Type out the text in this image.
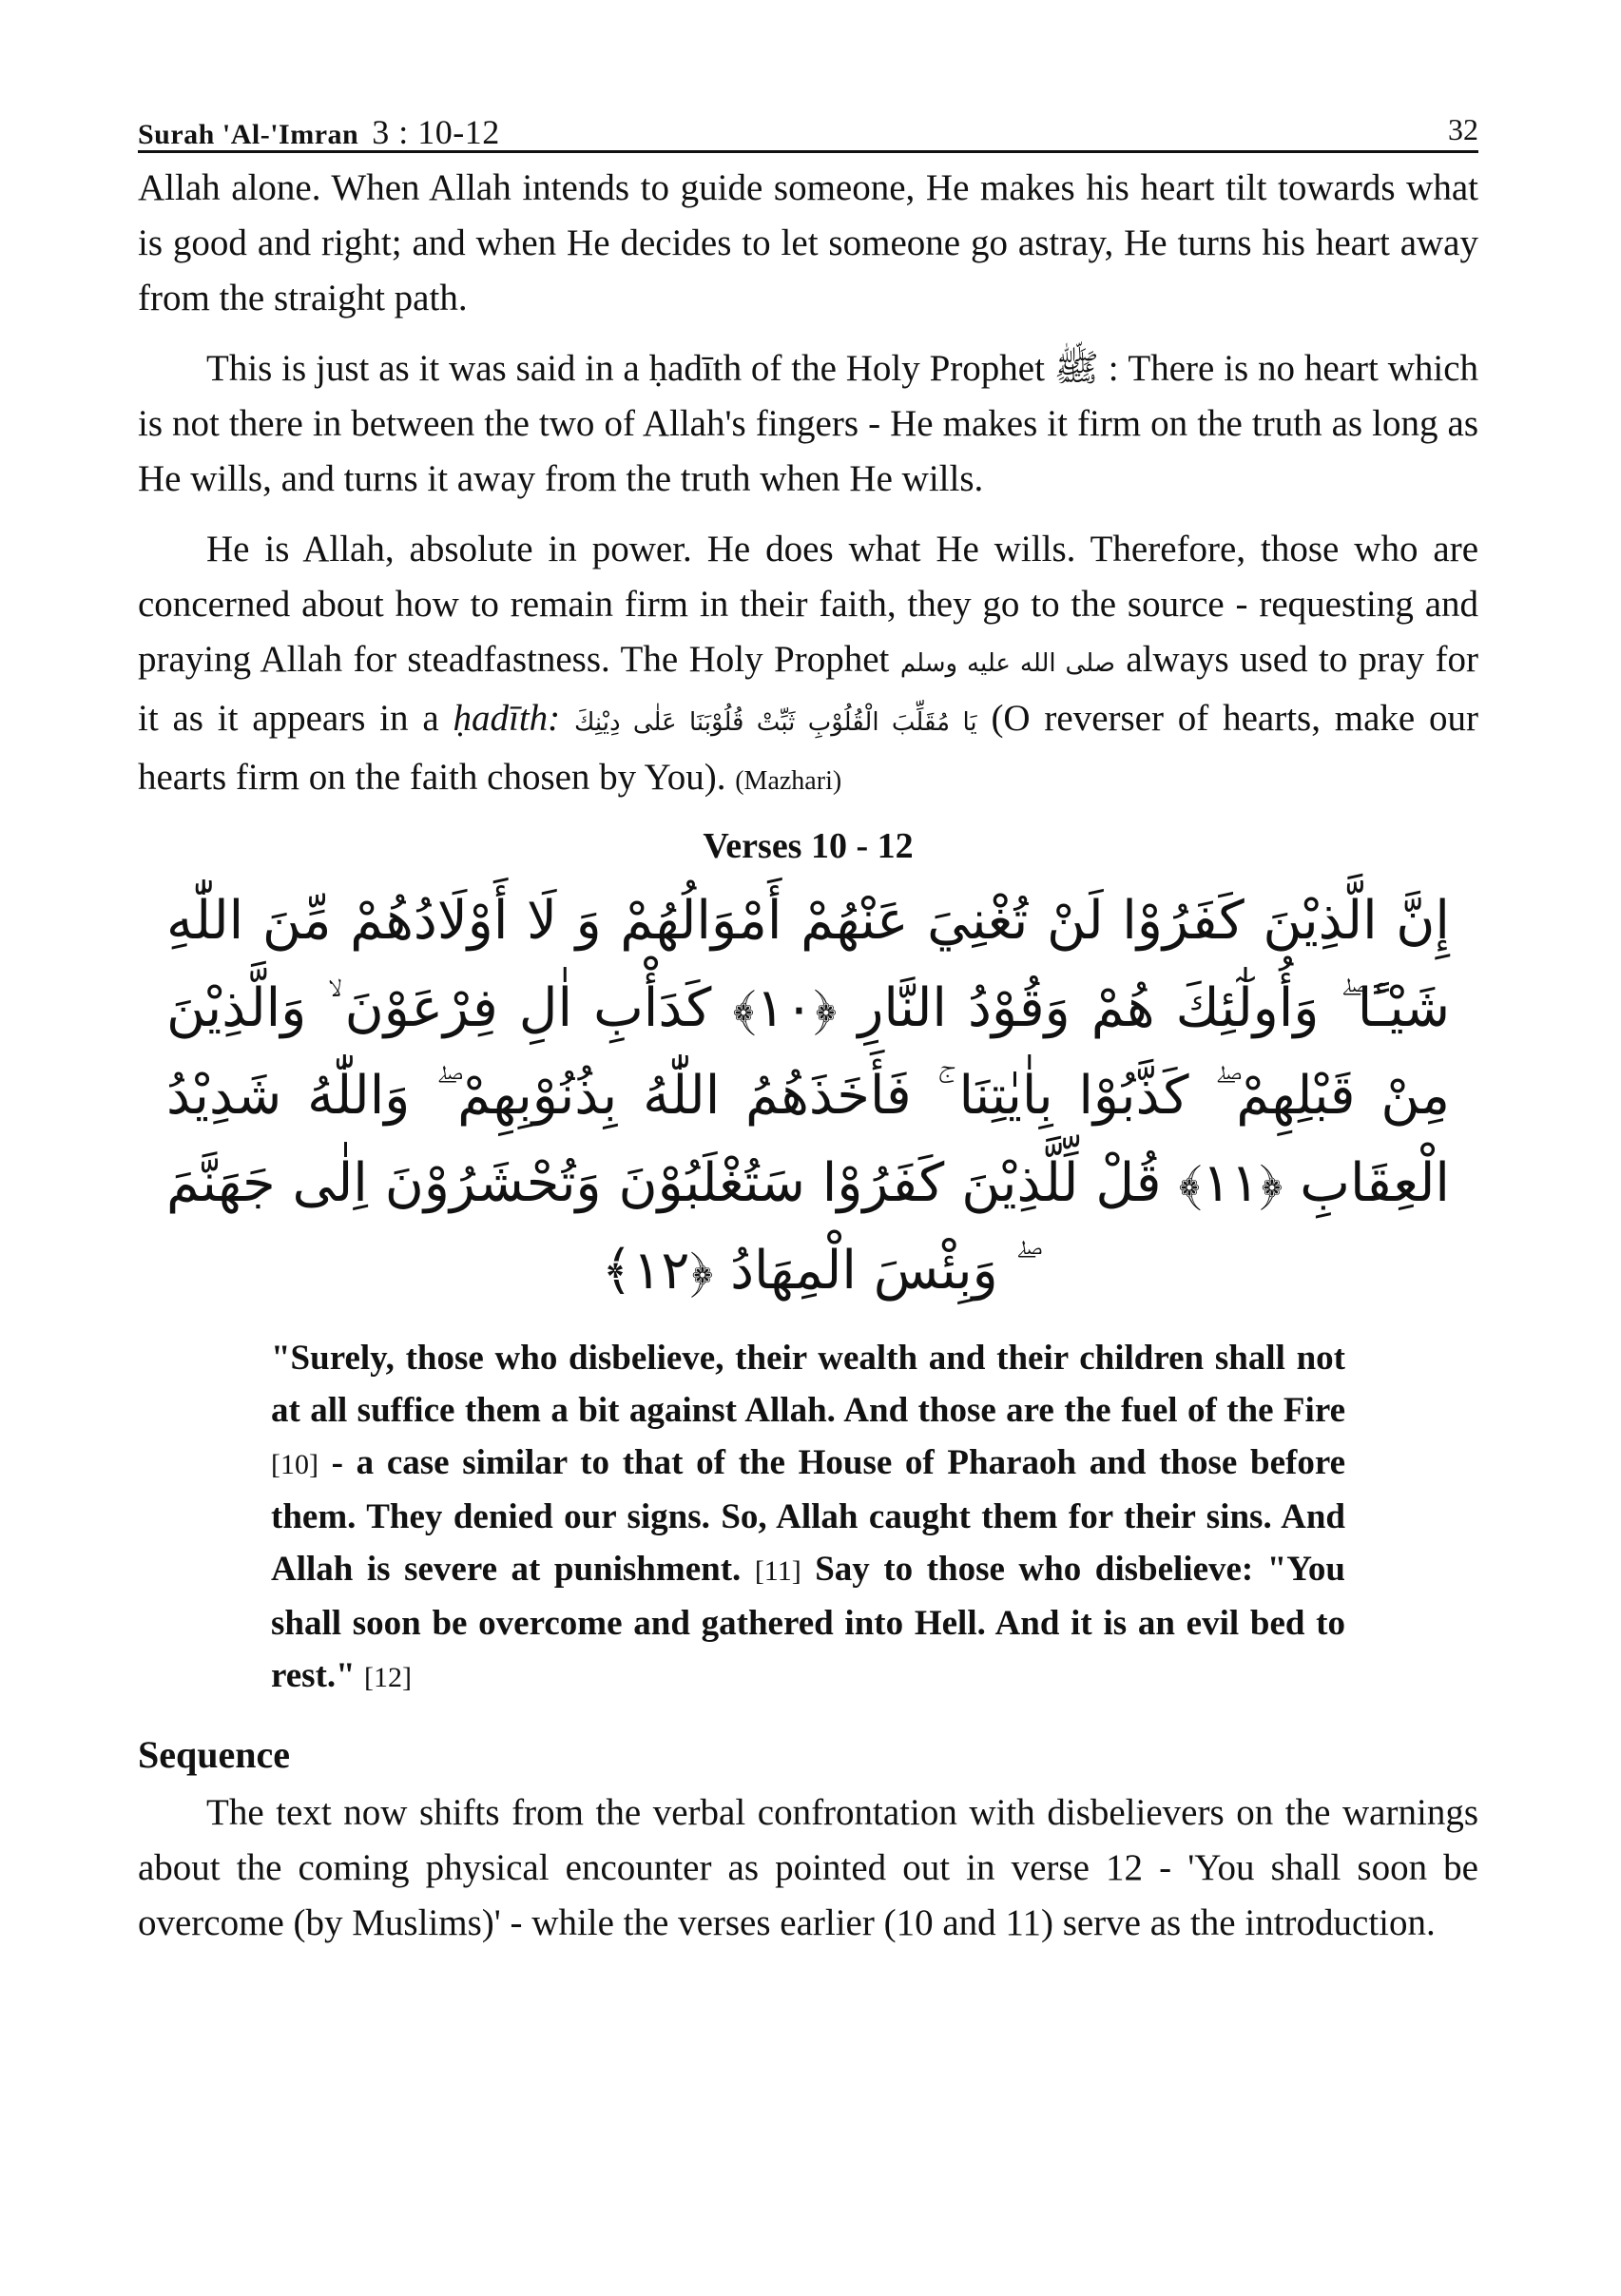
Surah 'Al-'Imran 3 : 10-12	32

Allah alone. When Allah intends to guide someone, He makes his heart tilt towards what is good and right; and when He decides to let someone go astray, He turns his heart away from the straight path.

This is just as it was said in a ḥadīth of the Holy Prophet ﷺ : There is no heart which is not there in between the two of Allah's fingers - He makes it firm on the truth as long as He wills, and turns it away from the truth when He wills.

He is Allah, absolute in power. He does what He wills. Therefore, those who are concerned about how to remain firm in their faith, they go to the source - requesting and praying Allah for steadfastness. The Holy Prophet صلى الله عليه وسلم always used to pray for it as it appears in a ḥadīth: يَا مُقَلِّبَ الْقُلُوْبِ ثَبِّتْ قُلُوْبَنَا عَلٰى دِيْنِكَ (O reverser of hearts, make our hearts firm on the faith chosen by You). (Mazhari)

Verses 10 - 12
إِنَّ الَّذِيْنَ كَفَرُوْا لَنْ تُغْنِيَ عَنْهُمْ أَمْوَالُهُمْ وَ لَا أَوْلَادُهُمْ مِّنَ اللّٰهِ شَيْـًٔا ۖ وَأُولٰٓئِكَ هُمْ وَقُوْدُ النَّارِ ﴿١٠﴾ كَدَأْبِ اٰلِ فِرْعَوْنَ ۙ وَالَّذِيْنَ مِنْ قَبْلِهِمْ ۖ كَذَّبُوْا بِاٰيٰتِنَا ۚ فَأَخَذَهُمُ اللّٰهُ بِذُنُوْبِهِمْ ۖ وَاللّٰهُ شَدِيْدُ الْعِقَابِ ﴿١١﴾ قُلْ لِّلَّذِيْنَ كَفَرُوْا سَتُغْلَبُوْنَ وَتُحْشَرُوْنَ اِلٰى جَهَنَّمَ ۖ وَبِئْسَ الْمِهَادُ ﴿١٢﴾

"Surely, those who disbelieve, their wealth and their children shall not at all suffice them a bit against Allah. And those are the fuel of the Fire [10] - a case similar to that of the House of Pharaoh and those before them. They denied our signs. So, Allah caught them for their sins. And Allah is severe at punishment. [11] Say to those who disbelieve: "You shall soon be overcome and gathered into Hell. And it is an evil bed to rest." [12]

Sequence

The text now shifts from the verbal confrontation with disbelievers on the warnings about the coming physical encounter as pointed out in verse 12 - 'You shall soon be overcome (by Muslims)' - while the verses earlier (10 and 11) serve as the introduction.
